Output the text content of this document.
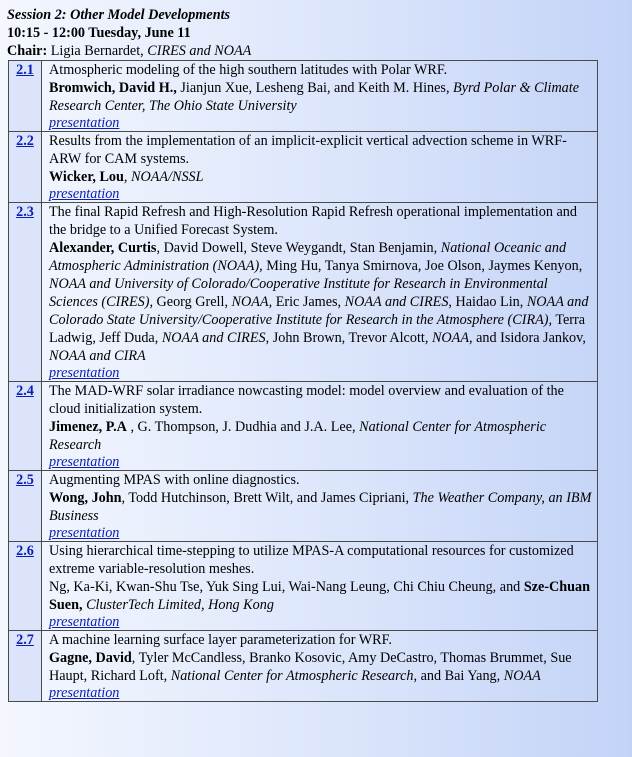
Session 2: Other Model Developments
10:15 - 12:00 Tuesday, June 11
Chair: Ligia Bernardet, CIRES and NOAA
2.1	Atmospheric modeling of the high southern latitudes with Polar WRF.
Bromwich, David H., Jianjun Xue, Lesheng Bai, and Keith M. Hines, Byrd Polar & Climate Research Center, The Ohio State University
presentation

2.2	Results from the implementation of an implicit-explicit vertical advection scheme in WRF-ARW for CAM systems.
Wicker, Lou, NOAA/NSSL
presentation

2.3	The final Rapid Refresh and High-Resolution Rapid Refresh operational implementation and the bridge to a Unified Forecast System.
Alexander, Curtis, David Dowell, Steve Weygandt, Stan Benjamin, National Oceanic and Atmospheric Administration (NOAA), Ming Hu, Tanya Smirnova, Joe Olson, Jaymes Kenyon, NOAA and University of Colorado/Cooperative Institute for Research in Environmental Sciences (CIRES), Georg Grell, NOAA, Eric James, NOAA and CIRES, Haidao Lin, NOAA and Colorado State University/Cooperative Institute for Research in the Atmosphere (CIRA), Terra Ladwig, Jeff Duda, NOAA and CIRES, John Brown, Trevor Alcott, NOAA, and Isidora Jankov, NOAA and CIRA
presentation

2.4	The MAD-WRF solar irradiance nowcasting model: model overview and evaluation of the cloud initialization system.
Jimenez, P.A , G. Thompson, J. Dudhia and J.A. Lee, National Center for Atmospheric Research
presentation

2.5	Augmenting MPAS with online diagnostics.
Wong, John, Todd Hutchinson, Brett Wilt, and James Cipriani, The Weather Company, an IBM Business
presentation

2.6	Using hierarchical time-stepping to utilize MPAS-A computational resources for customized extreme variable-resolution meshes.
Ng, Ka-Ki, Kwan-Shu Tse, Yuk Sing Lui, Wai-Nang Leung, Chi Chiu Cheung, and Sze-Chuan Suen, ClusterTech Limited, Hong Kong
presentation

2.7	A machine learning surface layer parameterization for WRF.
Gagne, David, Tyler McCandless, Branko Kosovic, Amy DeCastro, Thomas Brummet, Sue Haupt, Richard Loft, National Center for Atmospheric Research, and Bai Yang, NOAA
presentation
